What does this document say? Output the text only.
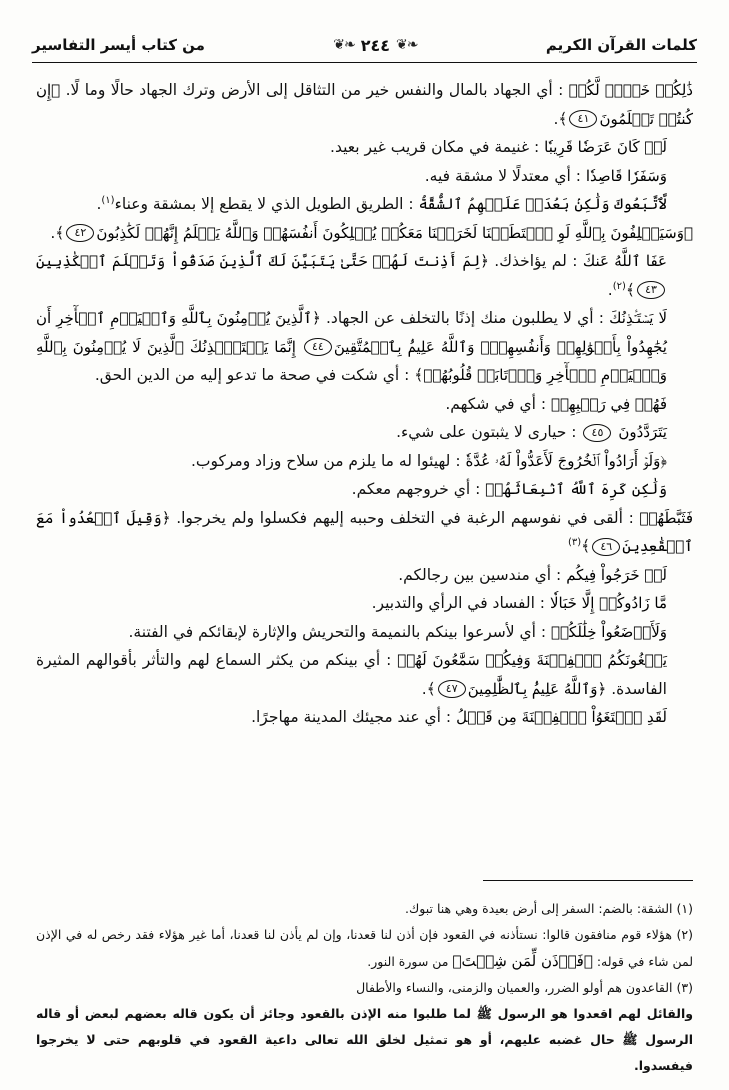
كلمات القرآن الكريم
❧❦
٢٤٤
❧❦
من كتاب أيسر التفاسير

ذَٰلِكُمۡ خَيۡرٞ لَّكُمۡ : أي الجهاد بالمال والنفس خير من التثاقل إلى الأرض وترك الجهاد حالًا وما لًا. ﴿إِن كُنتُمۡ تَعۡلَمُونَ٤١﴾.

لَوۡ كَانَ عَرَضٗا قَرِيبٗا : غنيمة في مكان قريب غير بعيد.

وَسَفَرٗا قَاصِدٗا : أي معتدلًا لا مشقة فيه.

لَّٱتَّبَعُوكَ وَلَٰكِنۢ بَعُدَتۡ عَلَيۡهِمُ ٱلشُّقَّةُ : الطريق الطويل الذي لا يقطع إلا بمشقة وعناء$^{(١)}$.

﴿وَسَيَحۡلِفُونَ بِٱللَّهِ لَوِ ٱسۡتَطَعۡنَا لَخَرَجۡنَا مَعَكُمۡ يُهۡلِكُونَ أَنفُسَهُمۡ وَٱللَّهُ يَعۡلَمُ إِنَّهُمۡ لَكَٰذِبُونَ٤٢﴾.

عَفَا ٱللَّهُ عَنكَ : لم يؤاخذك. ﴿لِمَ أَذِنتَ لَهُمۡ حَتَّىٰ يَتَبَيَّنَ لَكَ ٱلَّذِينَ صَدَقُواْ وَتَعۡلَمَ ٱلۡكَٰذِبِينَ٤٣﴾$^{(٢)}$.

لَا يَسۡتَـٔۡذِنُكَ : أي لا يطلبون منك إذنًا بالتخلف عن الجهاد. ﴿ٱلَّذِينَ يُؤۡمِنُونَ بِٱللَّهِ وَٱلۡيَوۡمِ ٱلۡأٓخِرِ أَن يُجَٰهِدُواْ بِأَمۡوَٰلِهِمۡ وَأَنفُسِهِمۡۗ وَٱللَّهُ عَلِيمُۢ بِٱلۡمُتَّقِينَ٤٤ إِنَّمَا يَسۡتَـٔۡذِنُكَ ٱلَّذِينَ لَا يُؤۡمِنُونَ بِٱللَّهِ وَٱلۡيَوۡمِ ٱلۡأٓخِرِ وَٱرۡتَابَتۡ قُلُوبُهُمۡ﴾ : أي شكت في صحة ما تدعو إليه من الدين الحق.

فَهُمۡ فِي رَيۡبِهِمۡ : أي في شكهم.

يَتَرَدَّدُونَ ٤٥ : حيارى لا يثبتون على شيء.

﴿وَلَوۡ أَرَادُواْ ٱلۡخُرُوجَ لَأَعَدُّواْ لَهُۥ عُدَّةٗ : لهيئوا له ما يلزم من سلاح وزاد ومركوب.

وَلَٰكِن كَرِهَ ٱللَّهُ ٱنۢبِعَاثَهُمۡ : أي خروجهم معكم.

فَثَبَّطَهُمۡ : ألقى في نفوسهم الرغبة في التخلف وحببه إليهم فكسلوا ولم يخرجوا. ﴿وَقِيلَ ٱقۡعُدُواْ مَعَ ٱلۡقَٰعِدِينَ٤٦﴾$^{(٣)}$

لَوۡ خَرَجُواْ فِيكُم : أي مندسين بين رجالكم.

مَّا زَادُوكُمۡ إِلَّا خَبَالٗا : الفساد في الرأي والتدبير.

وَلَأَوۡضَعُواْ خِلَٰلَكُمۡ : أي لأسرعوا بينكم بالنميمة والتحريش والإثارة لإبقائكم في الفتنة.

يَبۡغُونَكُمُ ٱلۡفِتۡنَةَ وَفِيكُمۡ سَمَّٰعُونَ لَهُمۡ : أي بينكم من يكثر السماع لهم والتأثر بأقوالهم المثيرة الفاسدة. ﴿وَٱللَّهُ عَلِيمُۢ بِٱلظَّٰلِمِينَ٤٧﴾.

لَقَدِ ٱبۡتَغَوُاْ ٱلۡفِتۡنَةَ مِن قَبۡلُ : أي عند مجيئك المدينة مهاجرًا.

(١) الشقة: بالضم: السفر إلى أرض بعيدة وهي هنا تبوك.

(٢) هؤلاء قوم منافقون قالوا: نستأذنه في القعود فإن أذن لنا قعدنا، وإن لم يأذن لنا قعدنا، أما غير هؤلاء فقد رخص له في الإذن لمن شاء في قوله: ﴿فَأۡذَن لِّمَن شِئۡتَ﴾ من سورة النور.

(٣) القاعدون هم أولو الضرر، والعميان والزمنى، والنساء والأطفال

والقائل لهم اقعدوا هو الرسول ﷺ لما طلبوا منه الإذن بالقعود وجائز أن يكون قاله بعضهم لبعض أو قاله الرسول ﷺ حال غضبه عليهم، أو هو تمثيل لخلق الله تعالى داعية القعود في قلوبهم حتى لا يخرجوا فيفسدوا.
